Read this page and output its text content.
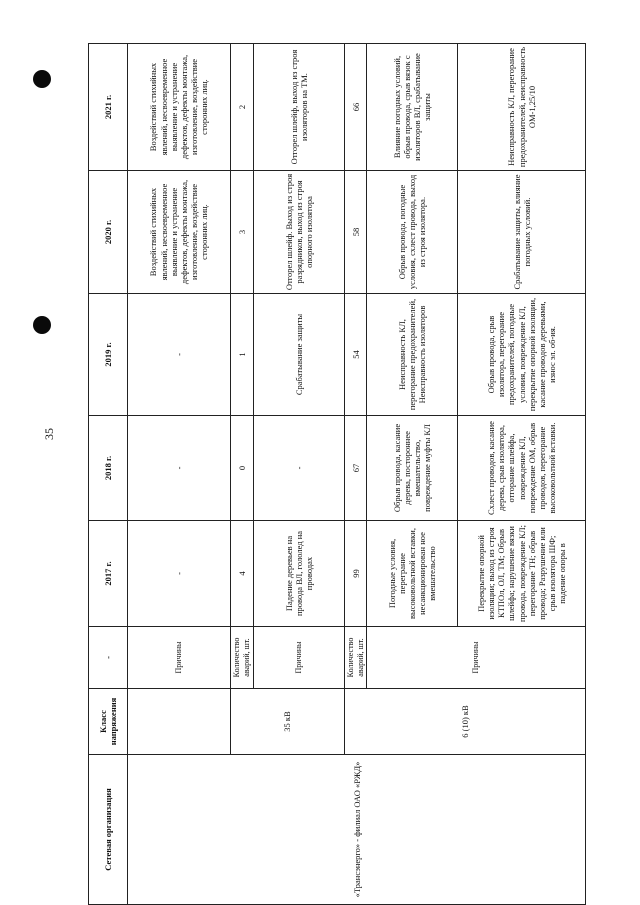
35
Сетевая организация	Класс напряжения	-	2017 г.	2018 г.	2019 г.	2020 г.	2021 г.
«Трансэнерго» - филиал ОАО «РЖД»		Причины	-	-	-	Воздействий стихийных явлений, несвоевременное выявление и устранение дефектов, дефекты монтажа, изготовление, воздействие сторонних лиц.	Воздействий стихийных явлений, несвоевременное выявление и устранение дефектов, дефекты монтажа, изготовление, воздействие сторонних лиц.
	35 кВ	Количество аварий, шт.	4	0	1	3	2
		Причины	Падение деревьев на провода ВЛ, гололед на проводах	-	Срабатывание защиты	Отгорел шлейф. Выход из строя разрядников, выход из строя опорного изолятора	Отгорел шлейф, выход из строя изоляторов на ТМ.
	6 (10) кВ	Количество аварий, шт.	99	67	54	58	66
		Причины	Погодные условия, переграние высоковольтной вставки, несанкционирован ное вмешательство	Обрыв провода, касание дерева, постороннее вмешательство, повреждение муфты КЛ	Неисправность КЛ, перегорание предохранителей, Неисправность изоляторов	Обрыв провода, погодные условия, схлест провода, выход из строя изолятора.	Влияние погодных условий, обрыв провода, срыв вязок с изоляторов ВЛ, срабатывание защиты
			Перекрытие опорной изоляции; выход из строя КТПОл, ОЛ, ТМ; Обрыв шлейфа; нарушение вязки провода, повреждение КЛ; перегорание ТН; обрыв провода; Разрушение или срыв изолятора ШФ; падение опоры в	Схлест проводов, касание дерева, срыв изолятора, отгорание шлейфа, повреждение КЛ, повреждение ОМ, обрыв проводов, перегорание высоковольтной вставки.	Обрыв провода, срыв изолятора, перегорание предохранителей, погодные условия, повреждение КЛ, перекрытие опорной изоляции, касание проводов деревьями, износ эл. об-ия.	Срабатывание защиты, влияние погодных условий.	Неисправность КЛ, перегорание предохранителей, неисправность ОМ-1,25/10
